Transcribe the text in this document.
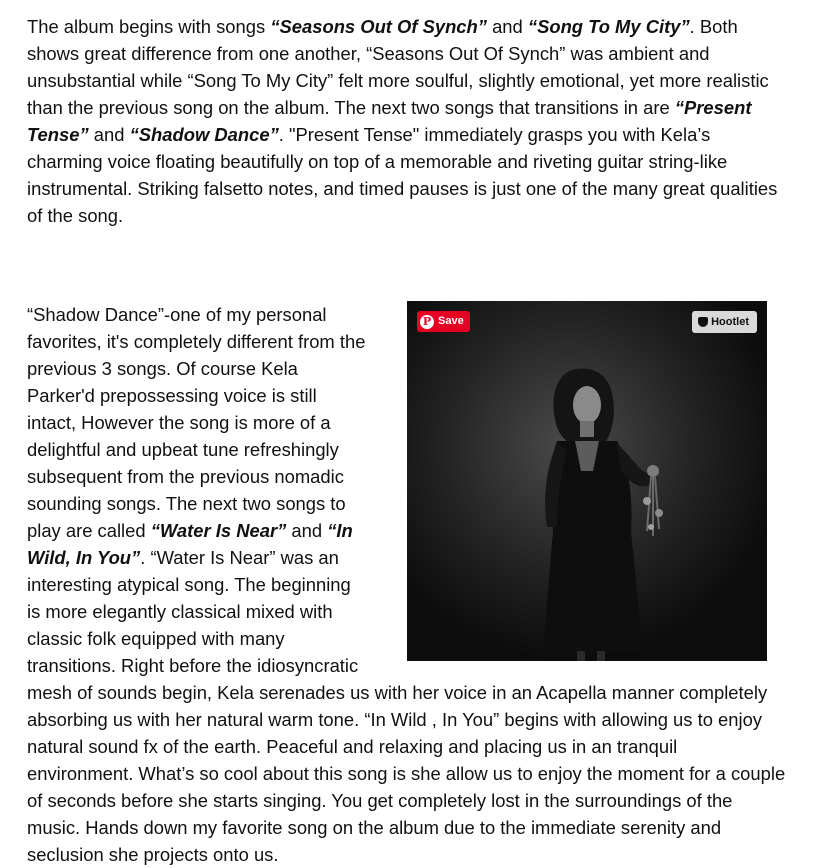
The album begins with songs “Seasons Out Of Synch” and “Song To My City”. Both shows great difference from one another, “Seasons Out Of Synch” was ambient and unsubstantial while “Song To My City” felt more soulful, slightly emotional, yet more realistic than the previous song on the album. The next two songs that transitions in are “Present Tense” and “Shadow Dance”. "Present Tense" immediately grasps you with Kela’s charming voice floating beautifully on top of a memorable and riveting guitar string-like instrumental. Striking falsetto notes, and timed pauses is just one of the many great qualities of the song.

P Save	Hootlet

“Shadow Dance”-one of my personal favorites, it's completely different from the previous 3 songs. Of course Kela Parker'd prepossessing voice is still intact, However the song is more of a delightful and upbeat tune refreshingly subsequent from the previous nomadic sounding songs. The next two songs to play are called “Water Is Near” and “In Wild, In You”. “Water Is Near” was an interesting atypical song. The beginning is more elegantly classical mixed with classic folk equipped with many transitions. Right before the idiosyncratic mesh of sounds begin, Kela serenades us with her voice in an Acapella manner completely absorbing us with her natural warm tone. “In Wild , In You” begins with allowing us to enjoy natural sound fx of the earth. Peaceful and relaxing and placing us in an tranquil environment. What’s so cool about this song is she allow us to enjoy the moment for a couple of seconds before she starts singing. You get completely lost in the surroundings of the music. Hands down my favorite song on the album due to the immediate serenity and seclusion she projects onto us.
